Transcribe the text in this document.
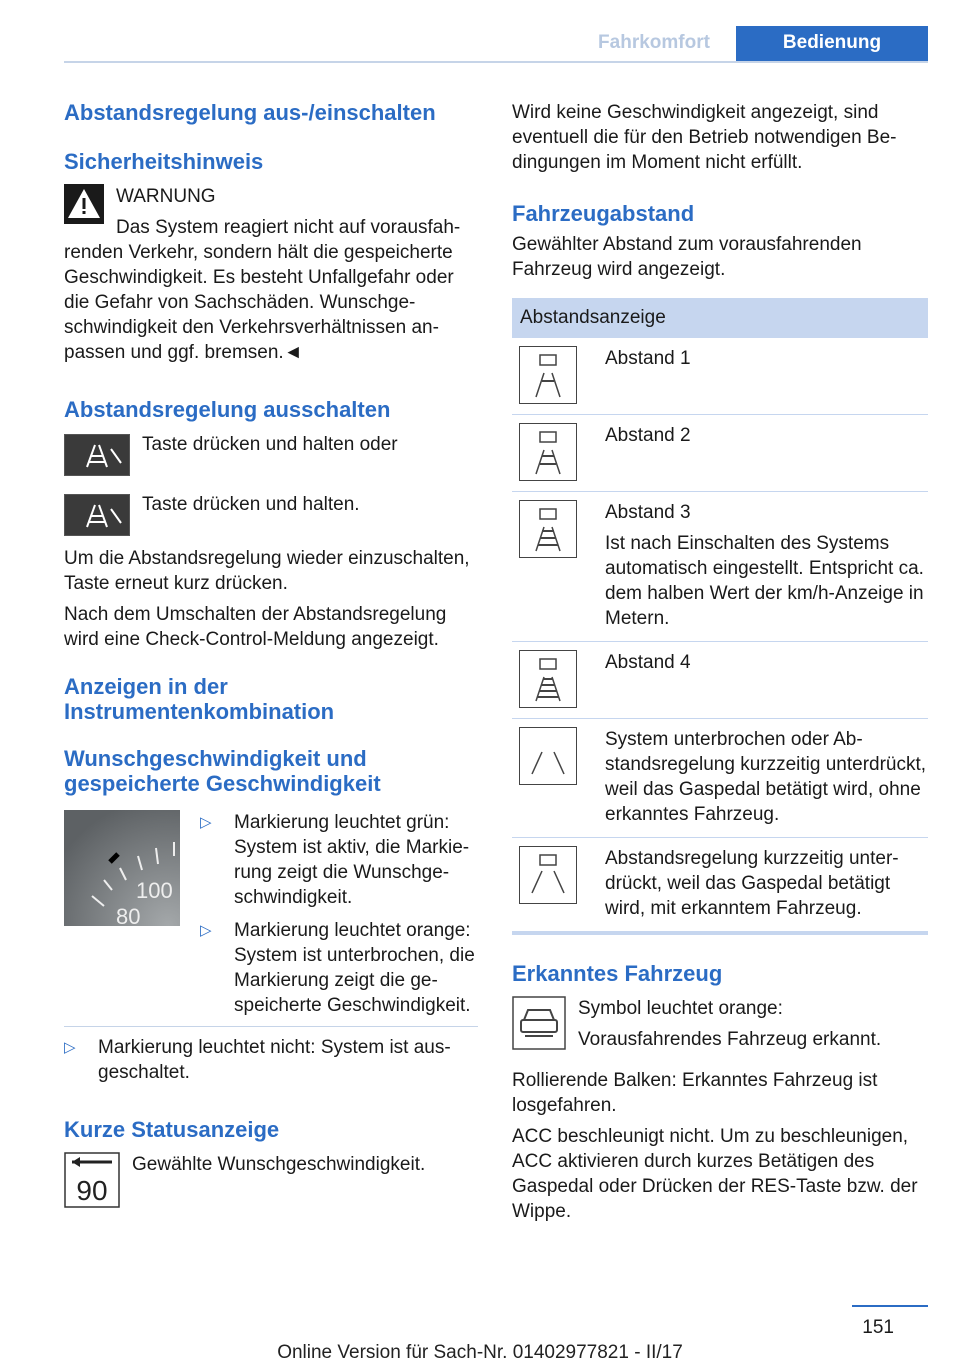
Fahrkomfort	Bedienung
Abstandsregelung aus-/einschalten
Sicherheitshinweis

WARNUNG

Das System reagiert nicht auf vorausfah-

renden Verkehr, sondern hält die gespeicherte Geschwindigkeit. Es besteht Unfallgefahr oder die Gefahr von Sachschäden. Wunschgeschwindigkeit den Verkehrsverhältnissen anpassen und ggf. bremsen.◄

Abstandsregelung ausschalten

Taste drücken und halten oder

Taste drücken und halten.

Um die Abstandsregelung wieder einzuschalten, Taste erneut kurz drücken.

Nach dem Umschalten der Abstandsregelung wird eine Check-Control-Meldung angezeigt.

Anzeigen in der Instrumentenkombination
Wunschgeschwindigkeit und gespeicherte Geschwindigkeit
100
80
▷	Markierung leuchtet grün: System ist aktiv, die Markierung zeigt die Wunschgeschwindigkeit.
▷	Markierung leuchtet orange: System ist unterbrochen, die Markierung zeigt die gespeicherte Geschwindigkeit.
▷	Markierung leuchtet nicht: System ist ausgeschaltet.
Kurze Statusanzeige
90

Gewählte Wunschgeschwindigkeit.

Wird keine Geschwindigkeit angezeigt, sind eventuell die für den Betrieb notwendigen Bedingungen im Moment nicht erfüllt.

Fahrzeugabstand

Gewählter Abstand zum vorausfahrenden Fahrzeug wird angezeigt.

Abstandsanzeige
Abstand 1
Abstand 2
Abstand 3
Ist nach Einschalten des Systems automatisch eingestellt. Entspricht ca. dem halben Wert der km/h-Anzeige in Metern.
Abstand 4
System unterbrochen oder Abstandsregelung kurzzeitig unterdrückt, weil das Gaspedal betätigt wird, ohne erkanntes Fahrzeug.
Abstandsregelung kurzzeitig unterdrückt, weil das Gaspedal betätigt wird, mit erkanntem Fahrzeug.
Erkanntes Fahrzeug

Symbol leuchtet orange:

Vorausfahrendes Fahrzeug erkannt.

Rollierende Balken: Erkanntes Fahrzeug ist losgefahren.

ACC beschleunigt nicht. Um zu beschleunigen, ACC aktivieren durch kurzes Betätigen des Gaspedal oder Drücken der RES-Taste bzw. der Wippe.

151
Online Version für Sach-Nr. 01402977821 - II/17
